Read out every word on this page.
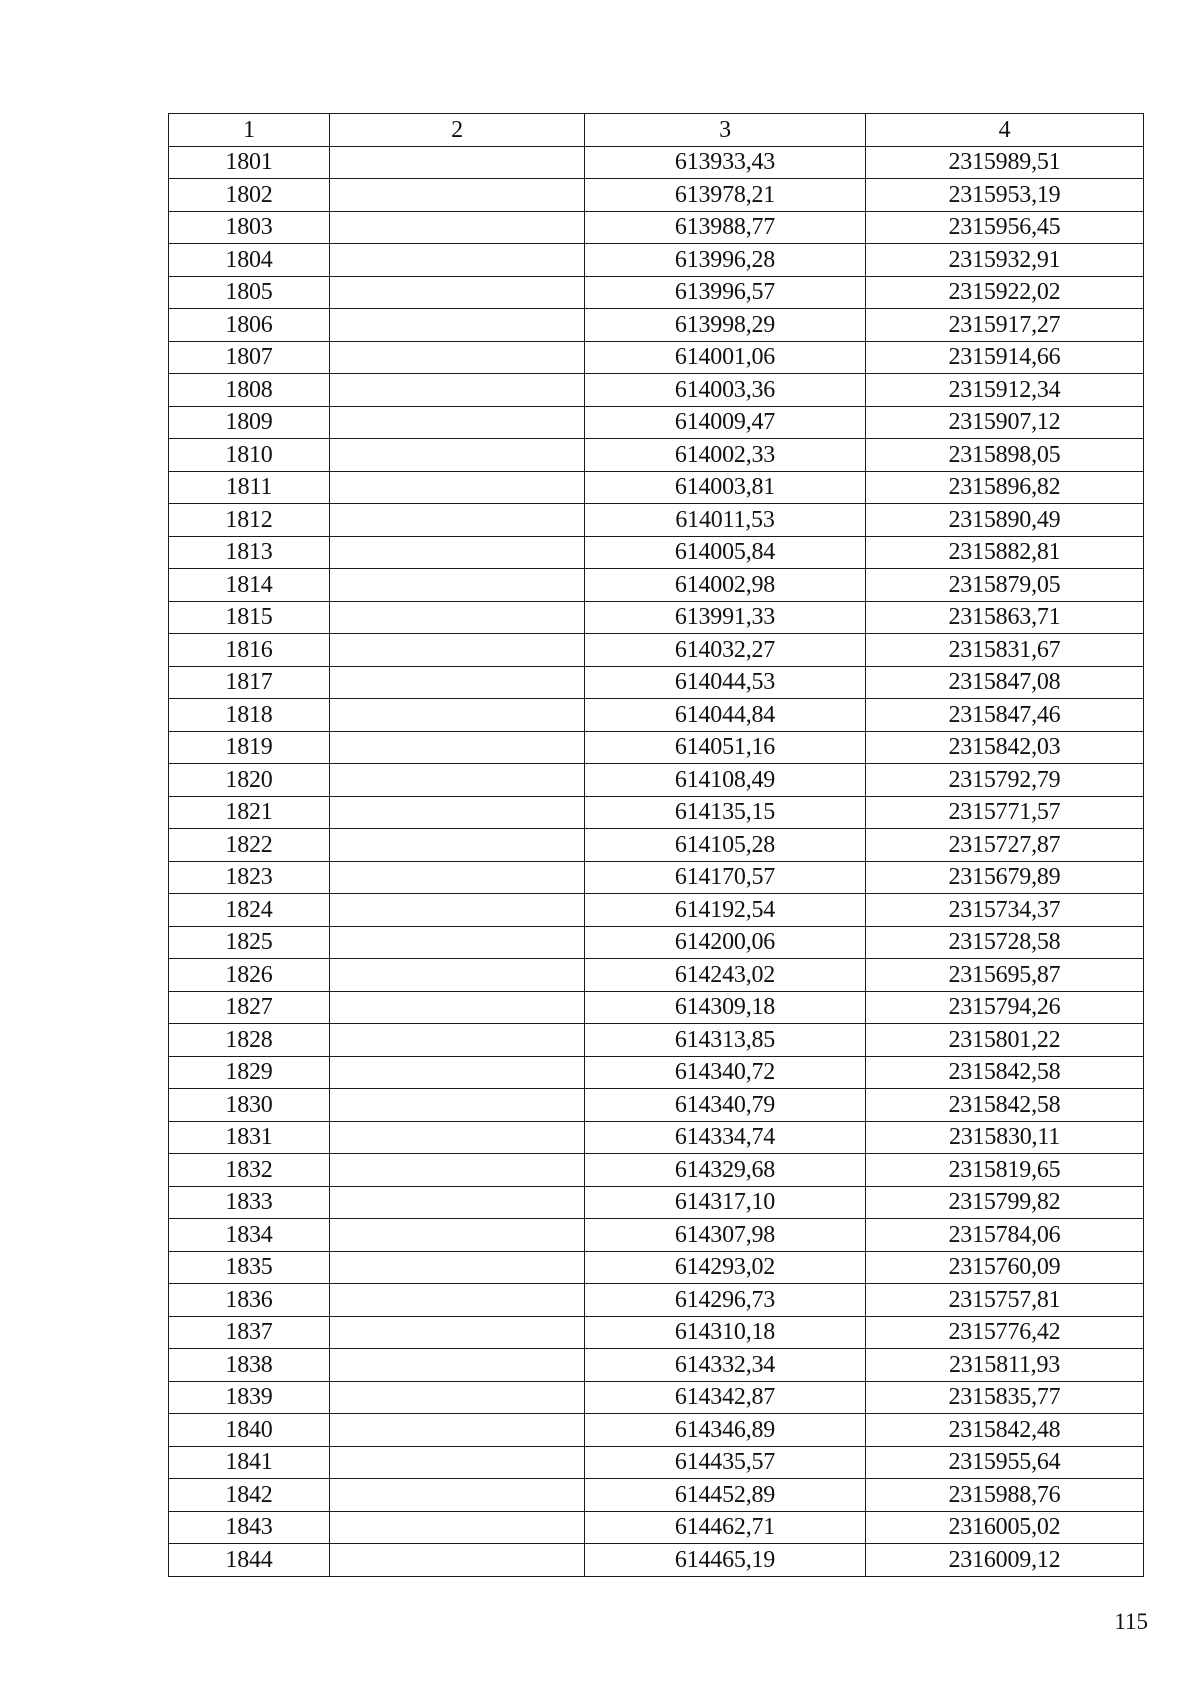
1	2	3	4
1801		613933,43	2315989,51
1802		613978,21	2315953,19
1803		613988,77	2315956,45
1804		613996,28	2315932,91
1805		613996,57	2315922,02
1806		613998,29	2315917,27
1807		614001,06	2315914,66
1808		614003,36	2315912,34
1809		614009,47	2315907,12
1810		614002,33	2315898,05
1811		614003,81	2315896,82
1812		614011,53	2315890,49
1813		614005,84	2315882,81
1814		614002,98	2315879,05
1815		613991,33	2315863,71
1816		614032,27	2315831,67
1817		614044,53	2315847,08
1818		614044,84	2315847,46
1819		614051,16	2315842,03
1820		614108,49	2315792,79
1821		614135,15	2315771,57
1822		614105,28	2315727,87
1823		614170,57	2315679,89
1824		614192,54	2315734,37
1825		614200,06	2315728,58
1826		614243,02	2315695,87
1827		614309,18	2315794,26
1828		614313,85	2315801,22
1829		614340,72	2315842,58
1830		614340,79	2315842,58
1831		614334,74	2315830,11
1832		614329,68	2315819,65
1833		614317,10	2315799,82
1834		614307,98	2315784,06
1835		614293,02	2315760,09
1836		614296,73	2315757,81
1837		614310,18	2315776,42
1838		614332,34	2315811,93
1839		614342,87	2315835,77
1840		614346,89	2315842,48
1841		614435,57	2315955,64
1842		614452,89	2315988,76
1843		614462,71	2316005,02
1844		614465,19	2316009,12
115
